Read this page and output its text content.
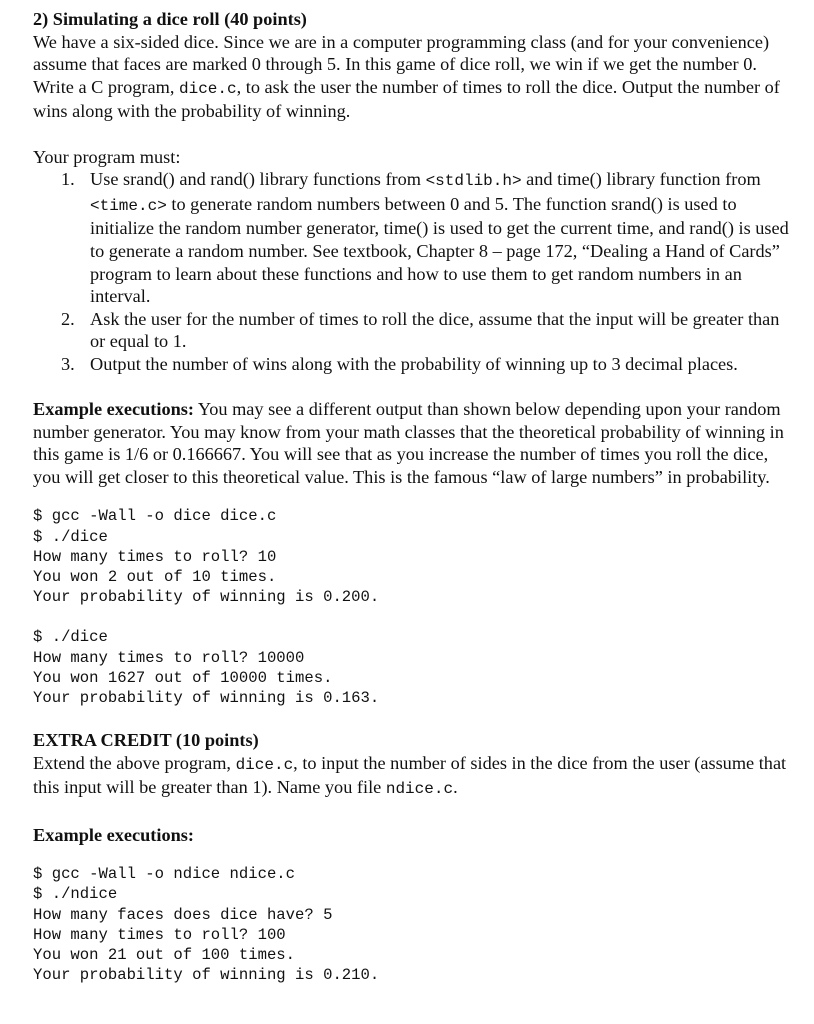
2) Simulating a dice roll (40 points)

We have a six-sided dice. Since we are in a computer programming class (and for your convenience) assume that faces are marked 0 through 5. In this game of dice roll, we win if we get the number 0. Write a C program, dice.c, to ask the user the number of times to roll the dice. Output the number of wins along with the probability of winning.

Your program must:
1. Use srand() and rand() library functions from <stdlib.h> and time() library function from <time.c> to generate random numbers between 0 and 5. The function srand() is used to initialize the random number generator, time() is used to get the current time, and rand() is used to generate a random number. See textbook, Chapter 8 – page 172, “Dealing a Hand of Cards” program to learn about these functions and how to use them to get random numbers in an interval.
2. Ask the user for the number of times to roll the dice, assume that the input will be greater than or equal to 1.
3. Output the number of wins along with the probability of winning up to 3 decimal places.

Example executions: You may see a different output than shown below depending upon your random number generator. You may know from your math classes that the theoretical probability of winning in this game is 1/6 or 0.166667. You will see that as you increase the number of times you roll the dice, you will get closer to this theoretical value. This is the famous “law of large numbers” in probability.

$ gcc -Wall -o dice dice.c
$ ./dice
How many times to roll? 10
You won 2 out of 10 times.
Your probability of winning is 0.200.
$ ./dice
How many times to roll? 10000
You won 1627 out of 10000 times.
Your probability of winning is 0.163.
EXTRA CREDIT (10 points)

Extend the above program, dice.c, to input the number of sides in the dice from the user (assume that this input will be greater than 1). Name you file ndice.c.

Example executions:
$ gcc -Wall -o ndice ndice.c
$ ./ndice
How many faces does dice have? 5
How many times to roll? 100
You won 21 out of 100 times.
Your probability of winning is 0.210.
